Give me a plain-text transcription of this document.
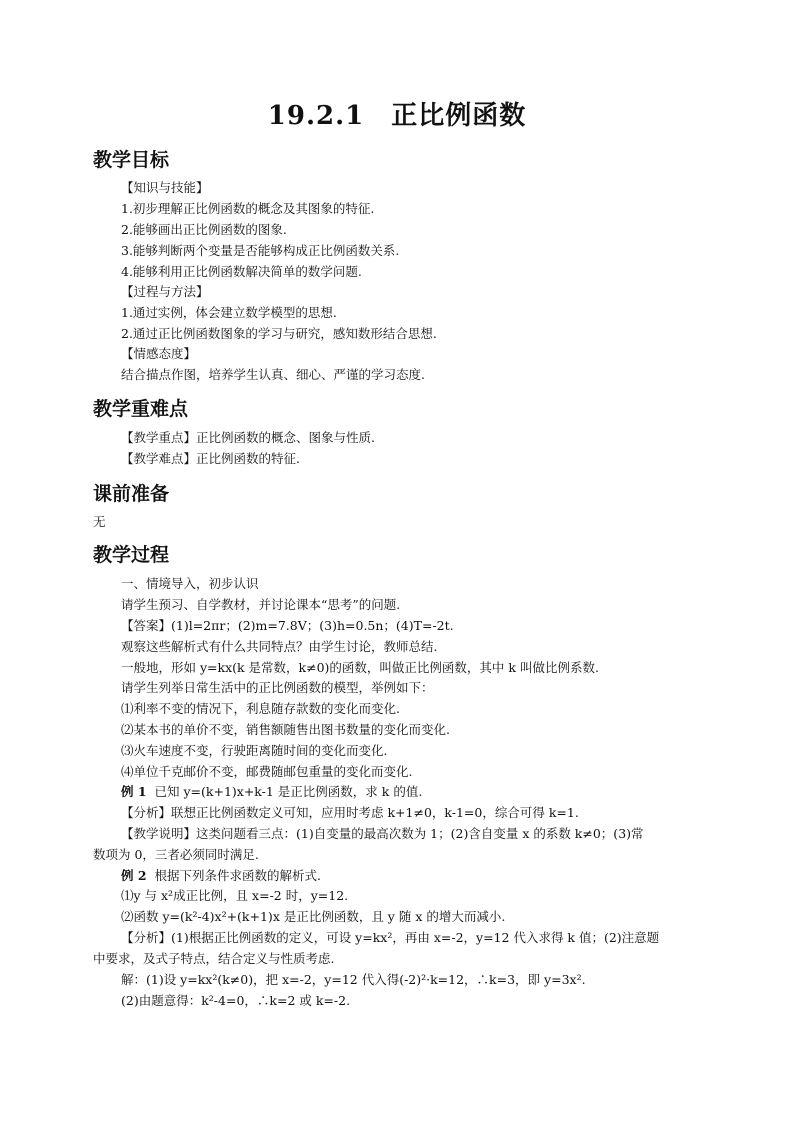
19.2.1　正比例函数
教学目标
【知识与技能】
1.初步理解正比例函数的概念及其图象的特征.
2.能够画出正比例函数的图象.
3.能够判断两个变量是否能够构成正比例函数关系.
4.能够利用正比例函数解决简单的数学问题.
【过程与方法】
1.通过实例，体会建立数学模型的思想.
2.通过正比例函数图象的学习与研究，感知数形结合思想.
【情感态度】
结合描点作图，培养学生认真、细心、严谨的学习态度.
教学重难点
【教学重点】正比例函数的概念、图象与性质.
【教学难点】正比例函数的特征.
课前准备
无
教学过程
一、情境导入，初步认识
请学生预习、自学教材，并讨论课本“思考”的问题.
【答案】(1)l=2πr；(2)m=7.8V；(3)h=0.5n；(4)T=-2t.
观察这些解析式有什么共同特点？由学生讨论，教师总结.
一般地，形如 y=kx(k 是常数，k≠0)的函数，叫做正比例函数，其中 k 叫做比例系数.
请学生列举日常生活中的正比例函数的模型，举例如下：
⑴利率不变的情况下，利息随存款数的变化而变化.
⑵某本书的单价不变，销售额随售出图书数量的变化而变化.
⑶火车速度不变，行驶距离随时间的变化而变化.
⑷单位千克邮价不变，邮费随邮包重量的变化而变化.
例 1 已知 y=(k+1)x+k-1 是正比例函数，求 k 的值.
【分析】联想正比例函数定义可知，应用时考虑 k+1≠0，k-1=0，综合可得 k=1.
【教学说明】这类问题看三点：(1)自变量的最高次数为 1；(2)含自变量 x 的系数 k≠0；(3)常
数项为 0，三者必须同时满足.
例 2 根据下列条件求函数的解析式.
⑴y 与 x²成正比例，且 x=-2 时，y=12.
⑵函数 y=(k²-4)x²+(k+1)x 是正比例函数，且 y 随 x 的增大而减小.
【分析】(1)根据正比例函数的定义，可设 y=kx²，再由 x=-2，y=12 代入求得 k 值；(2)注意题
中要求，及式子特点，结合定义与性质考虑.
解：(1)设 y=kx²(k≠0)，把 x=-2，y=12 代入得(-2)²·k=12，∴k=3，即 y=3x².
(2)由题意得：k²-4=0，∴k=2 或 k=-2.
